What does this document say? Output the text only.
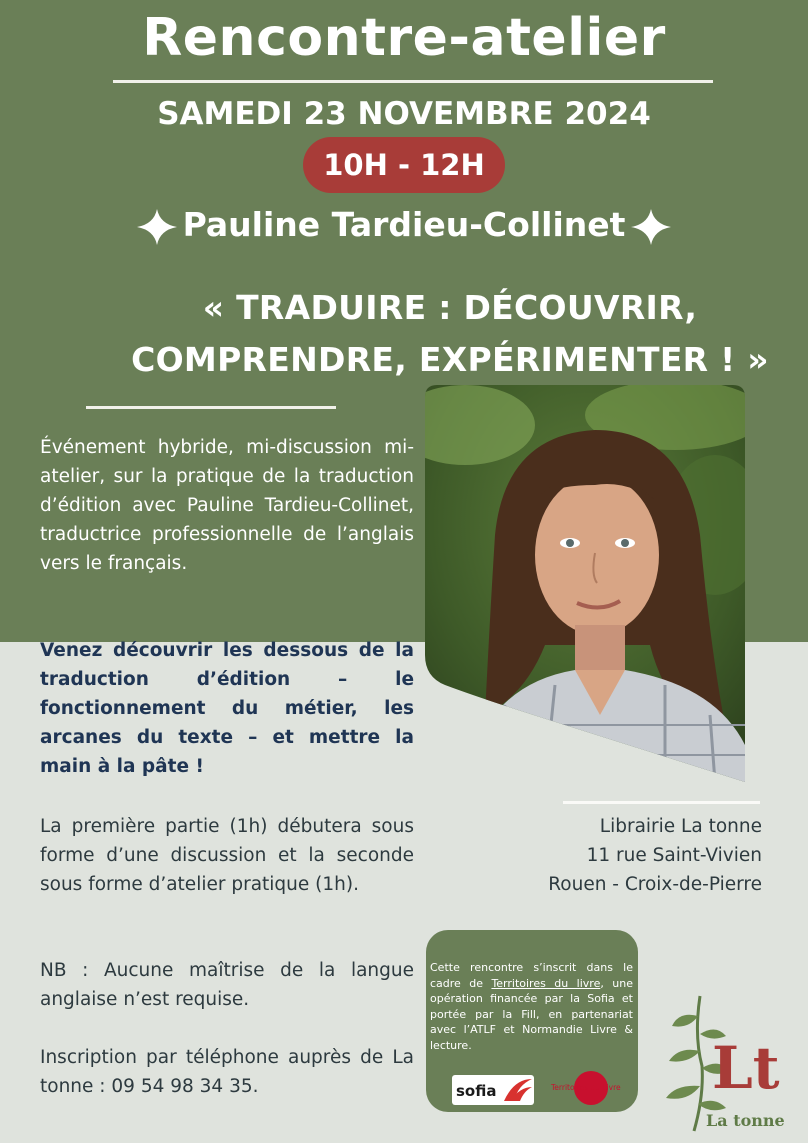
Rencontre-atelier
SAMEDI 23 NOVEMBRE 2024
10H - 12H
Pauline Tardieu-Collinet
« TRADUIRE : DÉCOUVRIR,
COMPRENDRE, EXPÉRIMENTER ! »
Événement hybride, mi-discussion mi-atelier, sur la pratique de la traduction d’édition avec Pauline Tardieu-Collinet, traductrice professionnelle de l’anglais vers le français.
Venez découvrir les dessous de la traduction d’édition – le fonctionnement du métier, les arcanes du texte – et mettre la main à la pâte !
La première partie (1h) débutera sous forme d’une discussion et la seconde sous forme d’atelier pratique (1h).
NB : Aucune maîtrise de la langue anglaise n’est requise.
Inscription par téléphone auprès de La tonne : 09 54 98 34 35.
Librairie La tonne
11 rue Saint-Vivien
Rouen - Croix-de-Pierre
Cette rencontre s’inscrit dans le cadre de Territoires du livre, une opération financée par la Sofia et portée par la Fill, en partenariat avec l’ATLF et Normandie Livre & lecture.
sofia	Territoires du Livre Lt
La tonne
